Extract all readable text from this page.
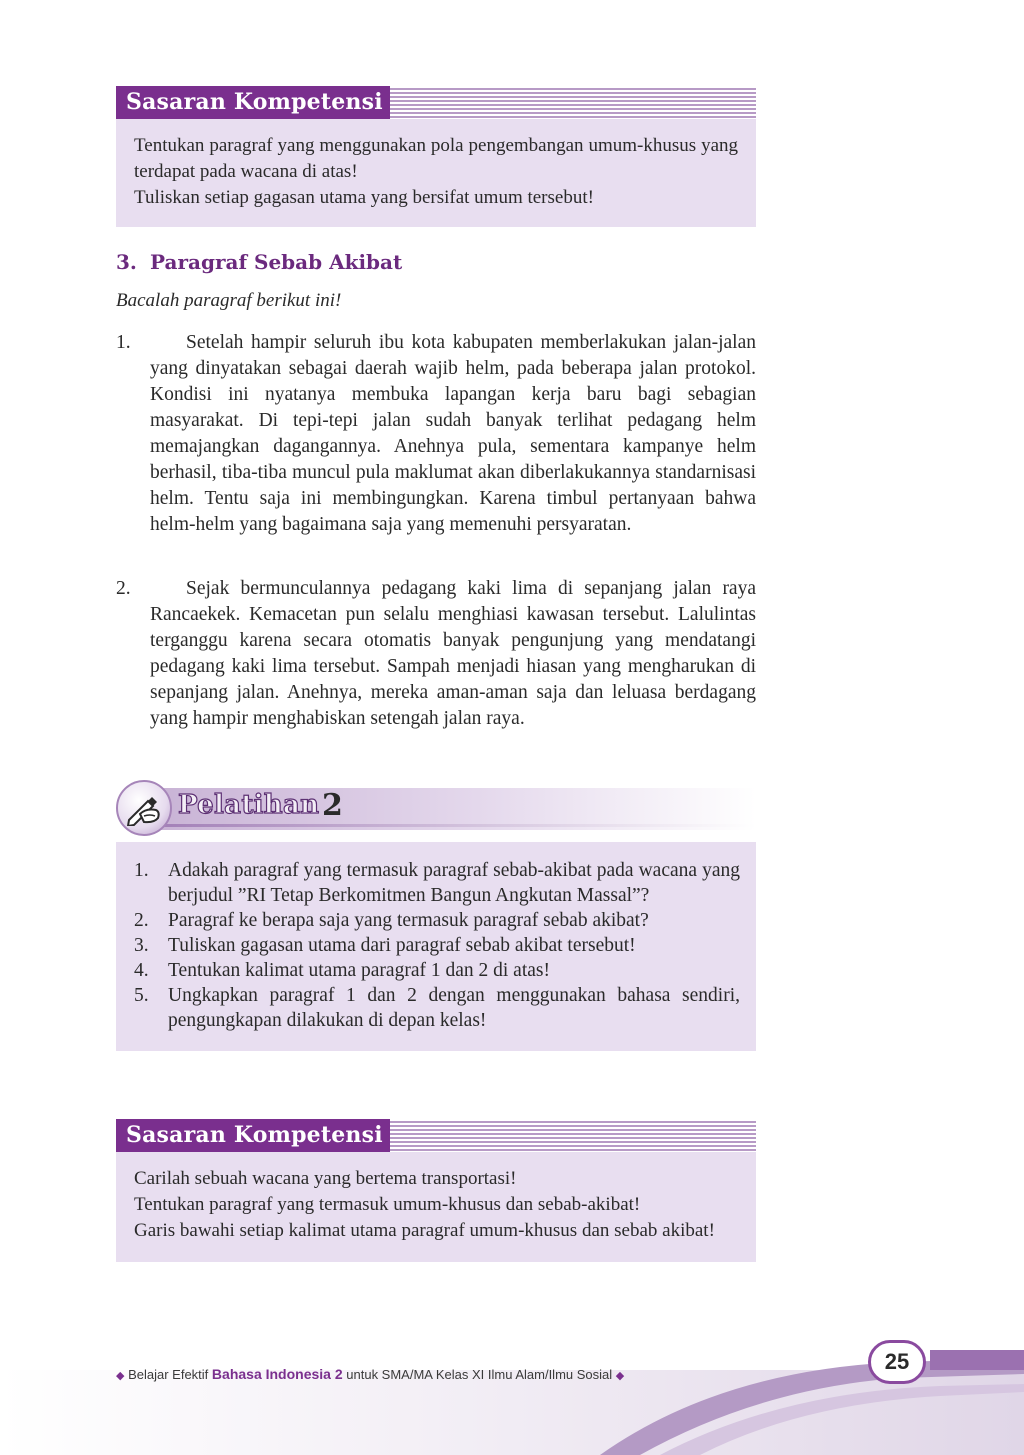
Sasaran Kompetensi

Tentukan paragraf yang menggunakan pola pengembangan umum-khusus yang terdapat pada wacana di atas!

Tuliskan setiap gagasan utama yang bersifat umum tersebut!

3. Paragraf Sebab Akibat
Bacalah paragraf berikut ini!
1.	Setelah hampir seluruh ibu kota kabupaten memberlakukan jalan-jalan yang dinyatakan sebagai daerah wajib helm, pada beberapa jalan protokol. Kondisi ini nyatanya membuka lapangan kerja baru bagi sebagian masyarakat. Di tepi-tepi jalan sudah banyak terlihat pedagang helm memajangkan dagangannya. Anehnya pula, sementara kampanye helm berhasil, tiba-tiba muncul pula maklumat akan diberlakukannya standarnisasi helm. Tentu saja ini membingungkan. Karena timbul pertanyaan bahwa helm-helm yang bagaimana saja yang memenuhi persyaratan.
2.	Sejak bermunculannya pedagang kaki lima di sepanjang jalan raya Rancaekek. Kemacetan pun selalu menghiasi kawasan tersebut. Lalulintas terganggu karena secara otomatis banyak pengunjung yang mendatangi pedagang kaki lima tersebut. Sampah menjadi hiasan yang mengharukan di sepanjang jalan. Anehnya, mereka aman-aman saja dan leluasa berdagang yang hampir menghabiskan setengah jalan raya.
Pelatihan 2
1. Adakah paragraf yang termasuk paragraf sebab-akibat pada wacana yang berjudul ”RI Tetap Berkomitmen Bangun Angkutan Massal”?
2. Paragraf ke berapa saja yang termasuk paragraf sebab akibat?
3. Tuliskan gagasan utama dari paragraf sebab akibat tersebut!
4. Tentukan kalimat utama paragraf 1 dan 2 di atas!
5. Ungkapkan paragraf 1 dan 2 dengan menggunakan bahasa sendiri, pengungkapan dilakukan di depan kelas!
Sasaran Kompetensi

Carilah sebuah wacana yang bertema transportasi!

Tentukan paragraf yang termasuk umum-khusus dan sebab-akibat!

Garis bawahi setiap kalimat utama paragraf umum-khusus dan sebab akibat!

◆ Belajar Efektif Bahasa Indonesia 2 untuk SMA/MA Kelas XI Ilmu Alam/Ilmu Sosial ◆
25
